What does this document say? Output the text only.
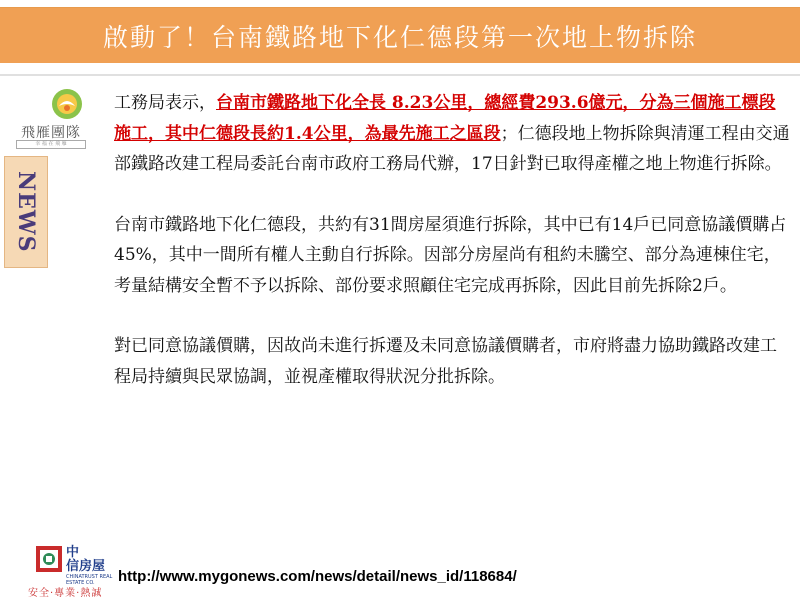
啟動了！台南鐵路地下化仁德段第一次地上物拆除
飛雁團隊
幸 福 在 飛 雁
NEWS

工務局表示，台南市鐵路地下化全長 8.23公里，總經費293.6億元，分為三個施工標段施工，其中仁德段長約1.4公里，為最先施工之區段；仁德段地上物拆除與清運工程由交通部鐵路改建工程局委託台南市政府工務局代辦，17日針對已取得產權之地上物進行拆除。

台南市鐵路地下化仁德段，共約有31間房屋須進行拆除，其中已有14戶已同意協議價購占45%，其中一間所有權人主動自行拆除。因部分房屋尚有租約未騰空、部分為連棟住宅，考量結構安全暫不予以拆除、部份要求照顧住宅完成再拆除，因此目前先拆除2戶。

對已同意協議價購，因故尚未進行拆遷及未同意協議價購者，市府將盡力協助鐵路改建工程局持續與民眾協調，並視產權取得狀況分批拆除。

中
信房屋
CHINATRUST REAL ESTATE CO.
安全‧專業‧熱誠
http://www.mygonews.com/news/detail/news_id/118684/
